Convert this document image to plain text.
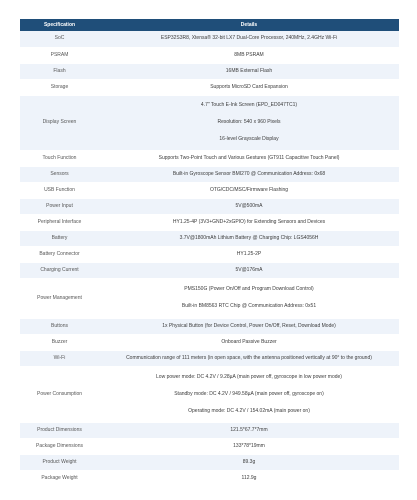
Specification	Details
SoC	ESP32S3R8, Xtensa® 32-bit LX7 Dual-Core Processor, 240MHz, 2.4GHz Wi-Fi

PSRAM	8MB PSRAM

Flash	16MB External Flash

Storage	Supports MicroSD Card Expansion

Display Screen	4.7" Touch E-Ink Screen (EPD_ED047TC1)
Resolution: 540 x 960 Pixels
16-level Grayscale Display

Touch Function	Supports Two-Point Touch and Various Gestures (GT911 Capacitive Touch Panel)

Sensors	Built-in Gyroscope Sensor BMI270 @ Communication Address: 0x68

USB Function	OTG/CDC/MSC/Firmware Flashing

Power Input	5V@500mA

Peripheral Interface	HY1.25-4P (3V3+GND+2xGPIO) for Extending Sensors and Devices

Battery	3.7V@1800mAh Lithium Battery @ Charging Chip: LGS4056H

Battery Connector	HY1.25-2P

Charging Current	5V@176mA

Power Management	PMS150G (Power On/Off and Program Download Control)
Built-in BM8563 RTC Chip @ Communication Address: 0x51

Buttons	1x Physical Button (for Device Control, Power On/Off, Reset, Download Mode)

Buzzer	Onboard Passive Buzzer

Wi-Fi	Communication range of 111 meters (in open space, with the antenna positioned vertically at 90° to the ground)

Power Consumption	Low power mode: DC 4.2V / 9.28µA (main power off, gyroscope in low power mode)
Standby mode: DC 4.2V / 949.58µA (main power off, gyroscope on)
Operating mode: DC 4.2V / 154.02mA (main power on)

Product Dimensions	121.5*67.7*7mm

Package Dimensions	133*78*19mm

Product Weight	89.3g

Package Weight	112.9g
